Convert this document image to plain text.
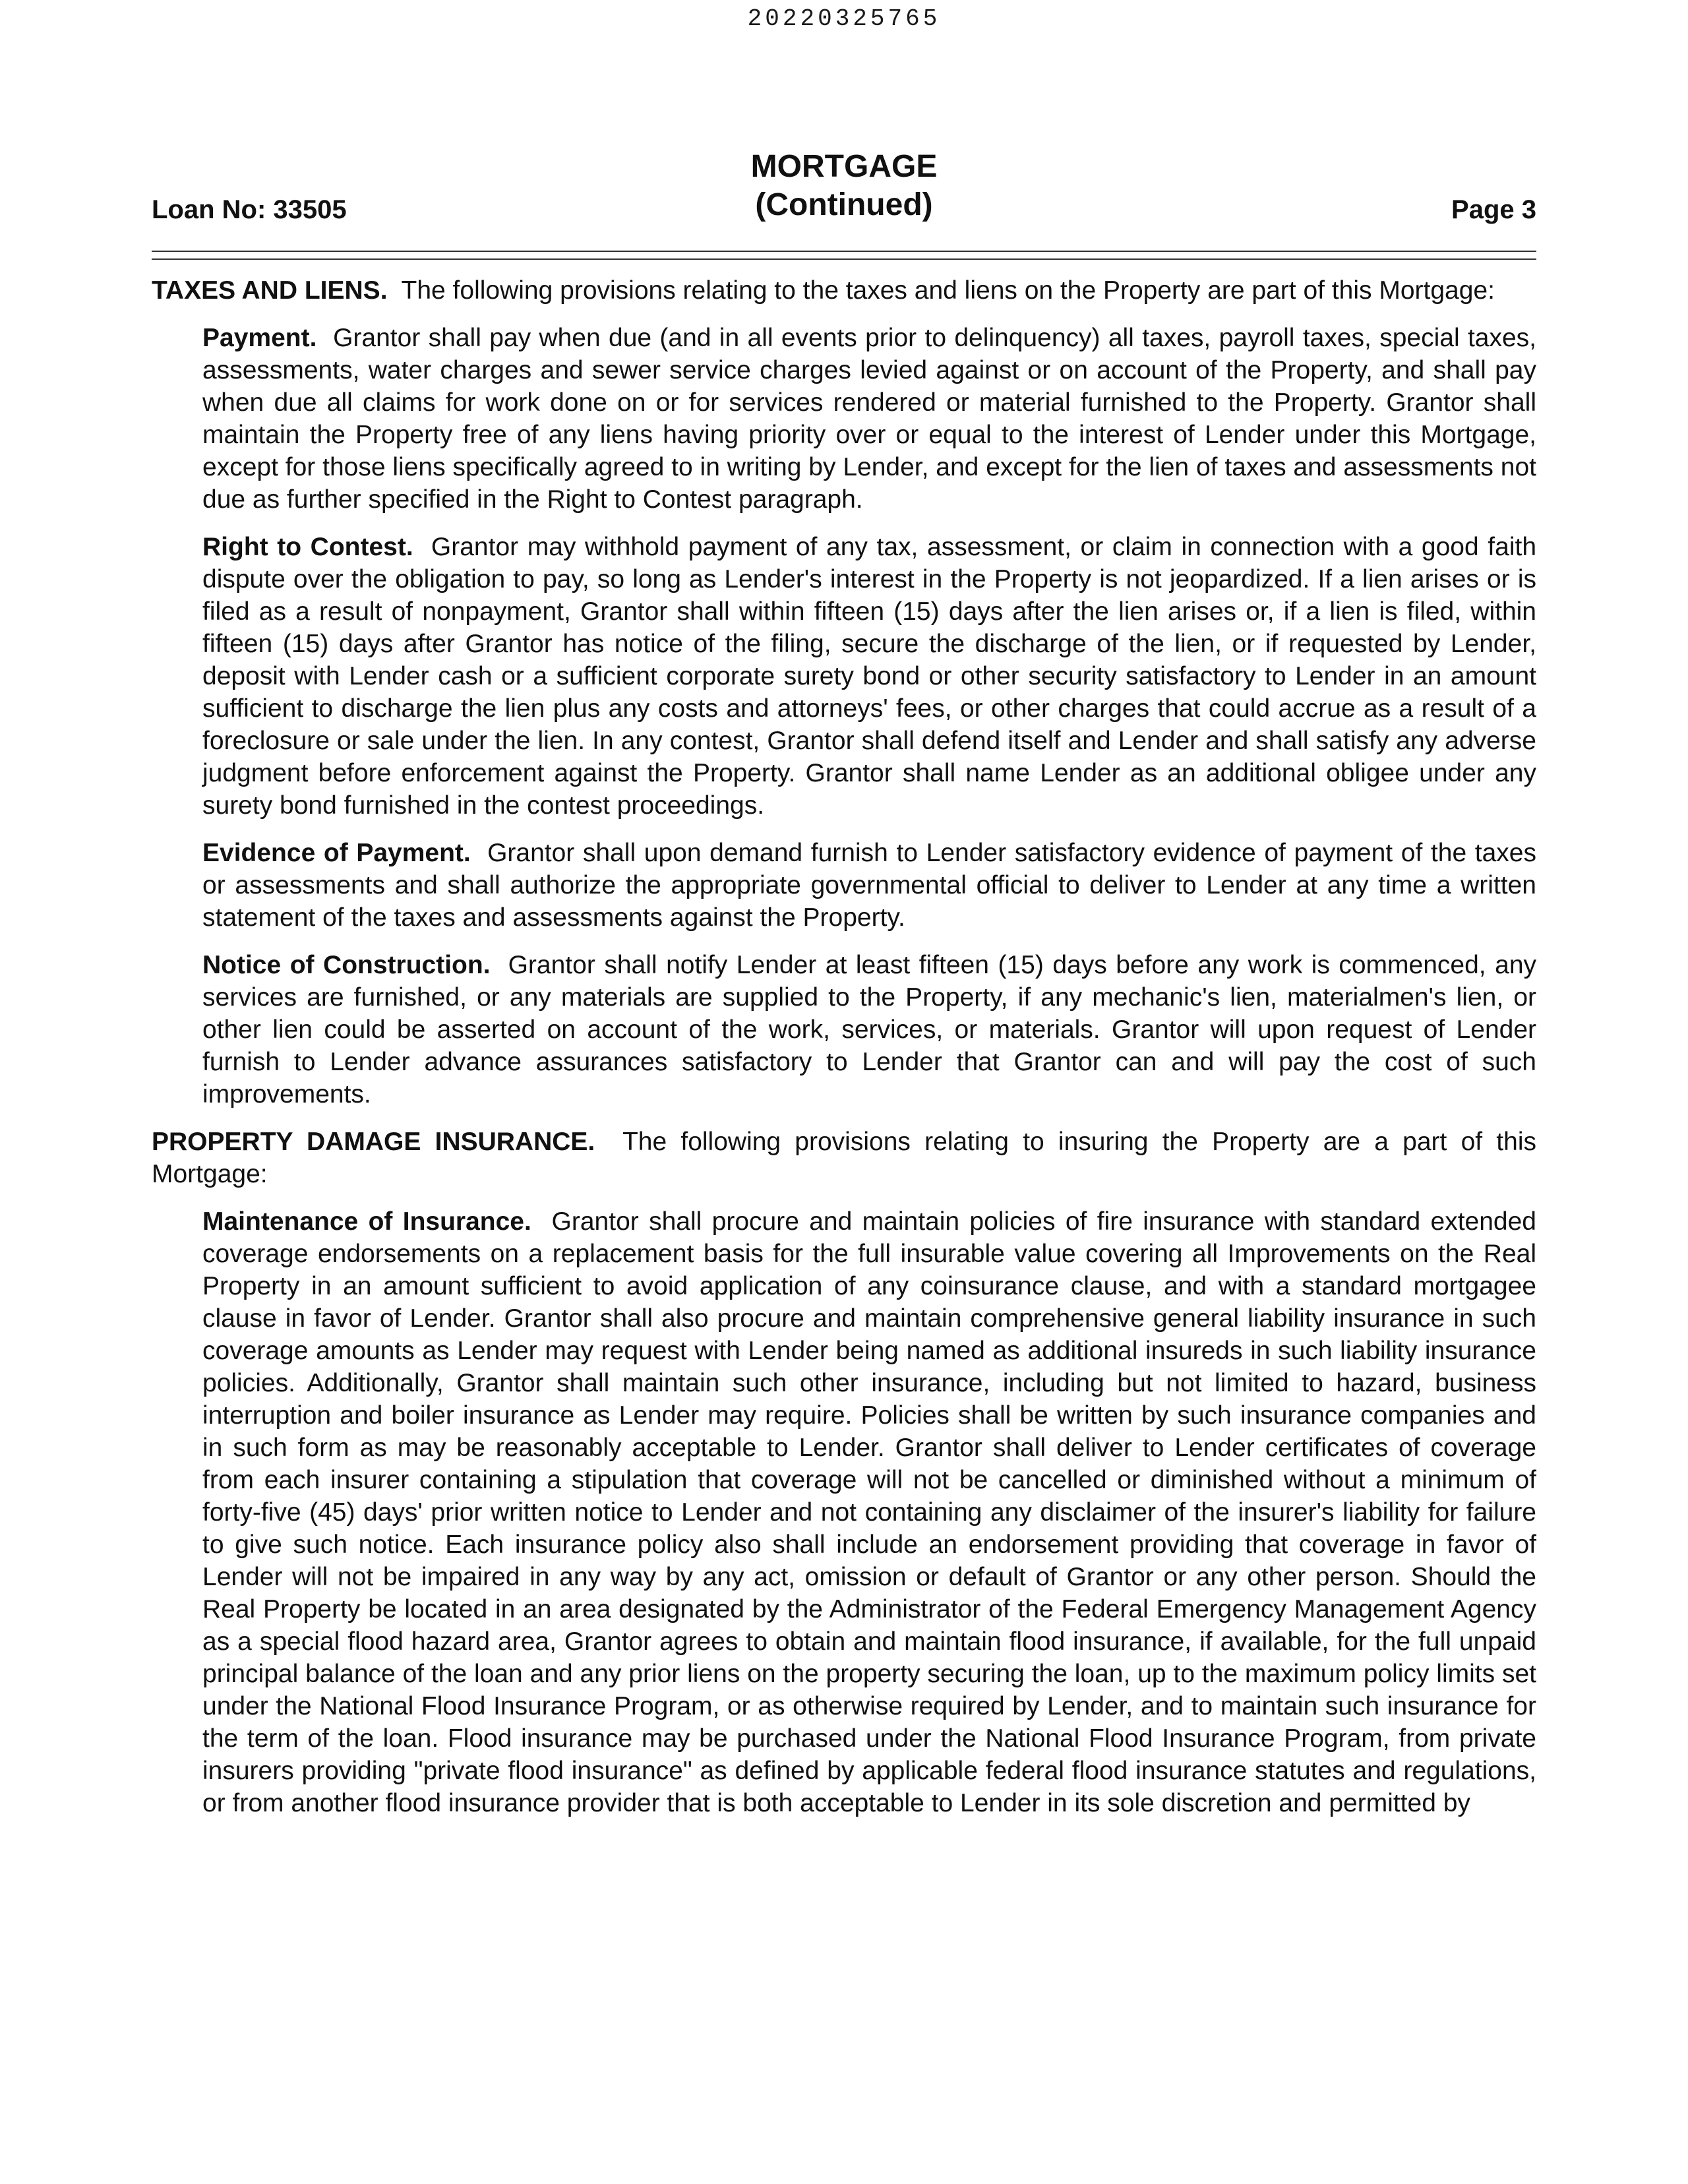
20220325765
Loan No: 33505
MORTGAGE
(Continued)	Page 3

TAXES AND LIENS. The following provisions relating to the taxes and liens on the Property are part of this Mortgage:

Payment. Grantor shall pay when due (and in all events prior to delinquency) all taxes, payroll taxes, special taxes, assessments, water charges and sewer service charges levied against or on account of the Property, and shall pay when due all claims for work done on or for services rendered or material furnished to the Property. Grantor shall maintain the Property free of any liens having priority over or equal to the interest of Lender under this Mortgage, except for those liens specifically agreed to in writing by Lender, and except for the lien of taxes and assessments not due as further specified in the Right to Contest paragraph.

Right to Contest. Grantor may withhold payment of any tax, assessment, or claim in connection with a good faith dispute over the obligation to pay, so long as Lender's interest in the Property is not jeopardized. If a lien arises or is filed as a result of nonpayment, Grantor shall within fifteen (15) days after the lien arises or, if a lien is filed, within fifteen (15) days after Grantor has notice of the filing, secure the discharge of the lien, or if requested by Lender, deposit with Lender cash or a sufficient corporate surety bond or other security satisfactory to Lender in an amount sufficient to discharge the lien plus any costs and attorneys' fees, or other charges that could accrue as a result of a foreclosure or sale under the lien. In any contest, Grantor shall defend itself and Lender and shall satisfy any adverse judgment before enforcement against the Property. Grantor shall name Lender as an additional obligee under any surety bond furnished in the contest proceedings.

Evidence of Payment. Grantor shall upon demand furnish to Lender satisfactory evidence of payment of the taxes or assessments and shall authorize the appropriate governmental official to deliver to Lender at any time a written statement of the taxes and assessments against the Property.

Notice of Construction. Grantor shall notify Lender at least fifteen (15) days before any work is commenced, any services are furnished, or any materials are supplied to the Property, if any mechanic's lien, materialmen's lien, or other lien could be asserted on account of the work, services, or materials. Grantor will upon request of Lender furnish to Lender advance assurances satisfactory to Lender that Grantor can and will pay the cost of such improvements.

PROPERTY DAMAGE INSURANCE. The following provisions relating to insuring the Property are a part of this Mortgage:

Maintenance of Insurance. Grantor shall procure and maintain policies of fire insurance with standard extended coverage endorsements on a replacement basis for the full insurable value covering all Improvements on the Real Property in an amount sufficient to avoid application of any coinsurance clause, and with a standard mortgagee clause in favor of Lender. Grantor shall also procure and maintain comprehensive general liability insurance in such coverage amounts as Lender may request with Lender being named as additional insureds in such liability insurance policies. Additionally, Grantor shall maintain such other insurance, including but not limited to hazard, business interruption and boiler insurance as Lender may require. Policies shall be written by such insurance companies and in such form as may be reasonably acceptable to Lender. Grantor shall deliver to Lender certificates of coverage from each insurer containing a stipulation that coverage will not be cancelled or diminished without a minimum of forty-five (45) days' prior written notice to Lender and not containing any disclaimer of the insurer's liability for failure to give such notice. Each insurance policy also shall include an endorsement providing that coverage in favor of Lender will not be impaired in any way by any act, omission or default of Grantor or any other person. Should the Real Property be located in an area designated by the Administrator of the Federal Emergency Management Agency as a special flood hazard area, Grantor agrees to obtain and maintain flood insurance, if available, for the full unpaid principal balance of the loan and any prior liens on the property securing the loan, up to the maximum policy limits set under the National Flood Insurance Program, or as otherwise required by Lender, and to maintain such insurance for the term of the loan. Flood insurance may be purchased under the National Flood Insurance Program, from private insurers providing "private flood insurance" as defined by applicable federal flood insurance statutes and regulations, or from another flood insurance provider that is both acceptable to Lender in its sole discretion and permitted by
